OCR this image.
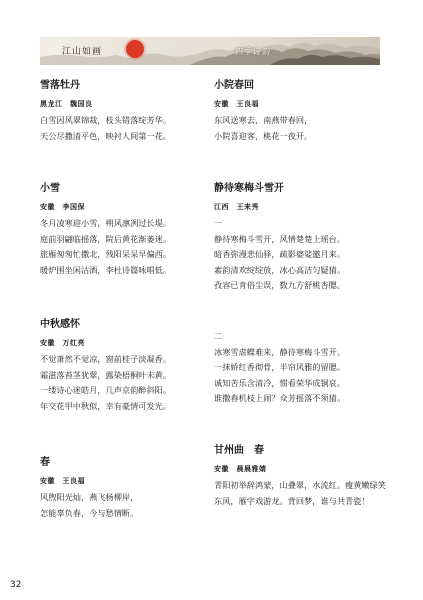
江山如画	四季诗韵
雪落牡丹
黑龙江　魏国良
白雪因风翠锦裁，枝头错落绽芳华。
天公尽撒清平色，映衬人间第一花。
小雪
安徽　李国保
冬月凌寒迎小雪，朔风凛冽过长堤。
庭前羽翩临摇落，院后黄花渐萎迷。
旅雁匆匆忙撒北，残阳呆呆早偏西。
暖炉围坐闲沽酒，李杜诗篇咏唱低。
中秋感怀
安徽　万红亮
不觉萧然不觉凉，窗前桂子淡凝香。
霜滋落苔茎犹翠，露染梧桐叶未黄。
一缕诗心迷皓月，几声京韵醉斜阳。
年交花甲中秋似，幸有豪情可发光。
春
安徽　王良福
风煦阳光灿，燕飞杨柳岸，
怎能辜负春，今与愁情断。
小院春回
安徽　王良福
东风送寒去，南燕带春回，
小院喜迎客，桃花一夜开。
静待寒梅斗雪开
江西　王来秀
一
静待寒梅斗雪开，风情楚楚上瑶台。
暗香弥漫悲仙驿，疏影婆娑邀月来。
素韵清欢绽绽放，冰心高洁匀疑猜。
孜容已肯俗尘误，数九方舒桃杏腮。
二
冰寒雪虐蝶难来，静待寒梅斗雪开。
一抹娇红香彻骨，半帘风雅的留腮。
诚知苦乐含清冷，惯看荣华成铜哀。
谁撒春机枝上闹？众芳摇落不须猜。
甘州曲　春
安徽　晨晨雅婧
青阳初举辞鸿蒙，山叠翠，水流红。瘦黄嫩绿笑东风，雁字戏游龙。背回梦，谁与共青瓷！
32
